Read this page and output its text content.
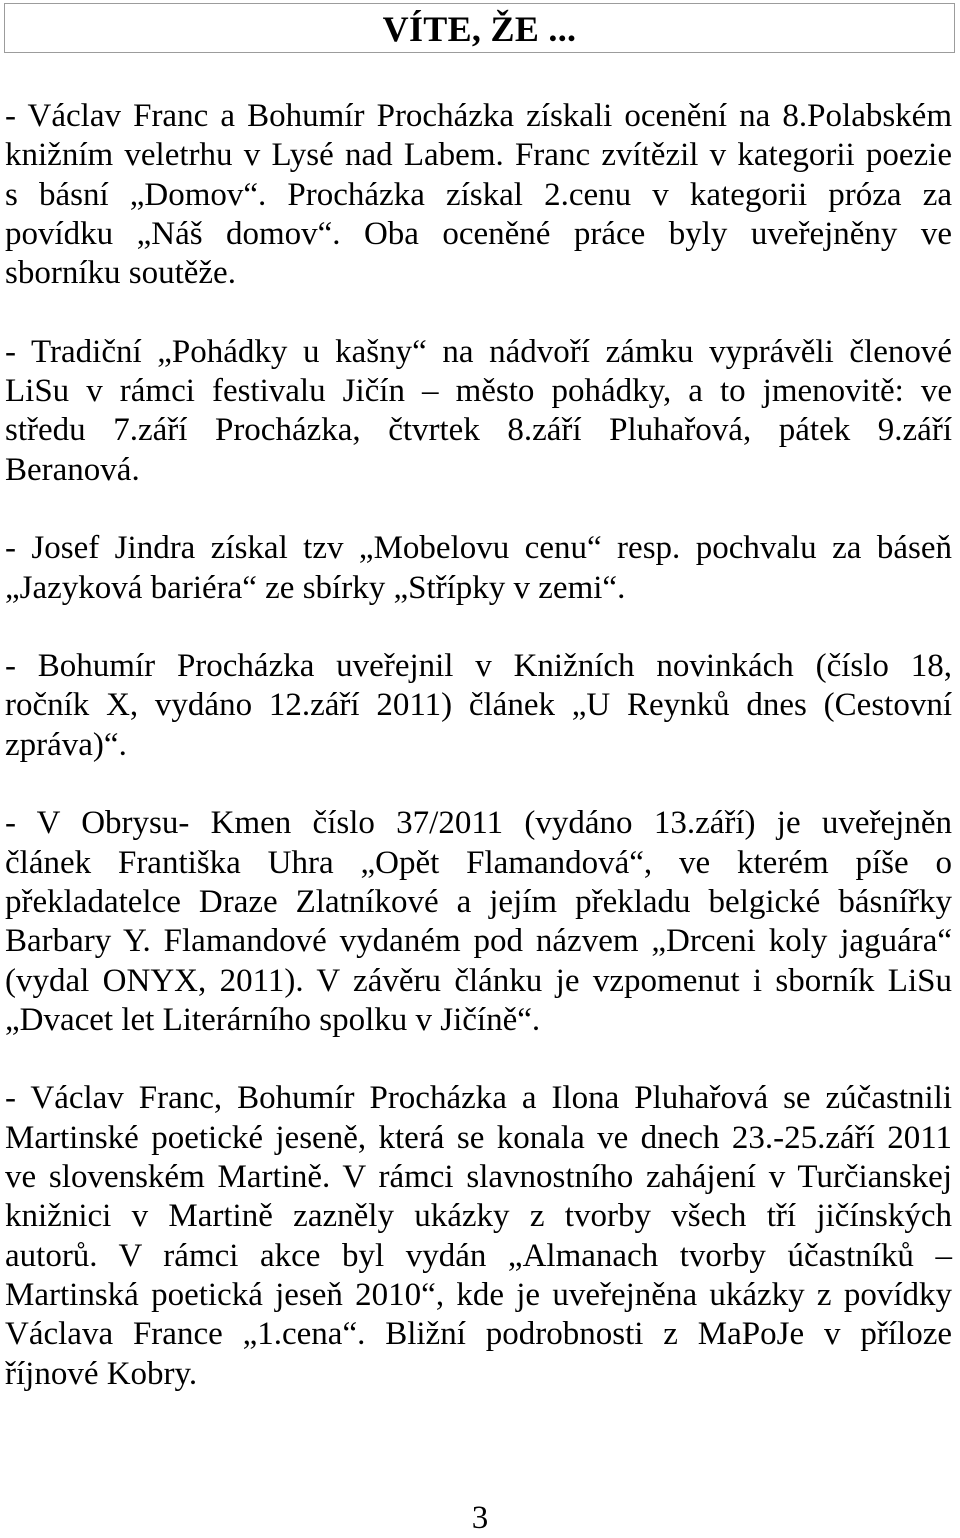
VÍTE, ŽE ...
- Václav Franc a Bohumír Procházka získali ocenění na 8.Polabském
knižním veletrhu v Lysé nad Labem. Franc zvítězil v kategorii poezie
s básní „Domov“. Procházka získal 2.cenu v kategorii próza za
povídku „Náš domov“. Oba oceněné práce byly uveřejněny ve
sborníku soutěže.
- Tradiční „Pohádky u kašny“ na nádvoří zámku vyprávěli členové
LiSu v rámci festivalu Jičín – město pohádky, a to jmenovitě: ve
středu 7.září Procházka, čtvrtek 8.září Pluhařová, pátek 9.září
Beranová.
- Josef Jindra získal tzv „Mobelovu cenu“ resp. pochvalu za báseň
„Jazyková bariéra“ ze sbírky „Střípky v zemi“.
- Bohumír Procházka uveřejnil v Knižních novinkách (číslo 18,
ročník X, vydáno 12.září 2011) článek „U Reynků dnes (Cestovní
zpráva)“.
- V Obrysu- Kmen číslo 37/2011 (vydáno 13.září) je uveřejněn
článek Františka Uhra „Opět Flamandová“, ve kterém píše o
překladatelce Draze Zlatníkové a jejím překladu belgické básnířky
Barbary Y. Flamandové vydaném pod názvem „Drceni koly jaguára“
(vydal ONYX, 2011). V závěru článku je vzpomenut i sborník LiSu
„Dvacet let Literárního spolku v Jičíně“.
- Václav Franc, Bohumír Procházka a Ilona Pluhařová se zúčastnili
Martinské poetické jeseně, která se konala ve dnech 23.-25.září 2011
ve slovenském Martině. V rámci slavnostního zahájení v Turčianskej
knižnici v Martině zazněly ukázky z tvorby všech tří jičínských
autorů. V rámci akce byl vydán „Almanach tvorby účastníků –
Martinská poetická jeseň 2010“, kde je uveřejněna ukázky z povídky
Václava France „1.cena“. Bližní podrobnosti z MaPoJe v příloze
říjnové Kobry.
3
